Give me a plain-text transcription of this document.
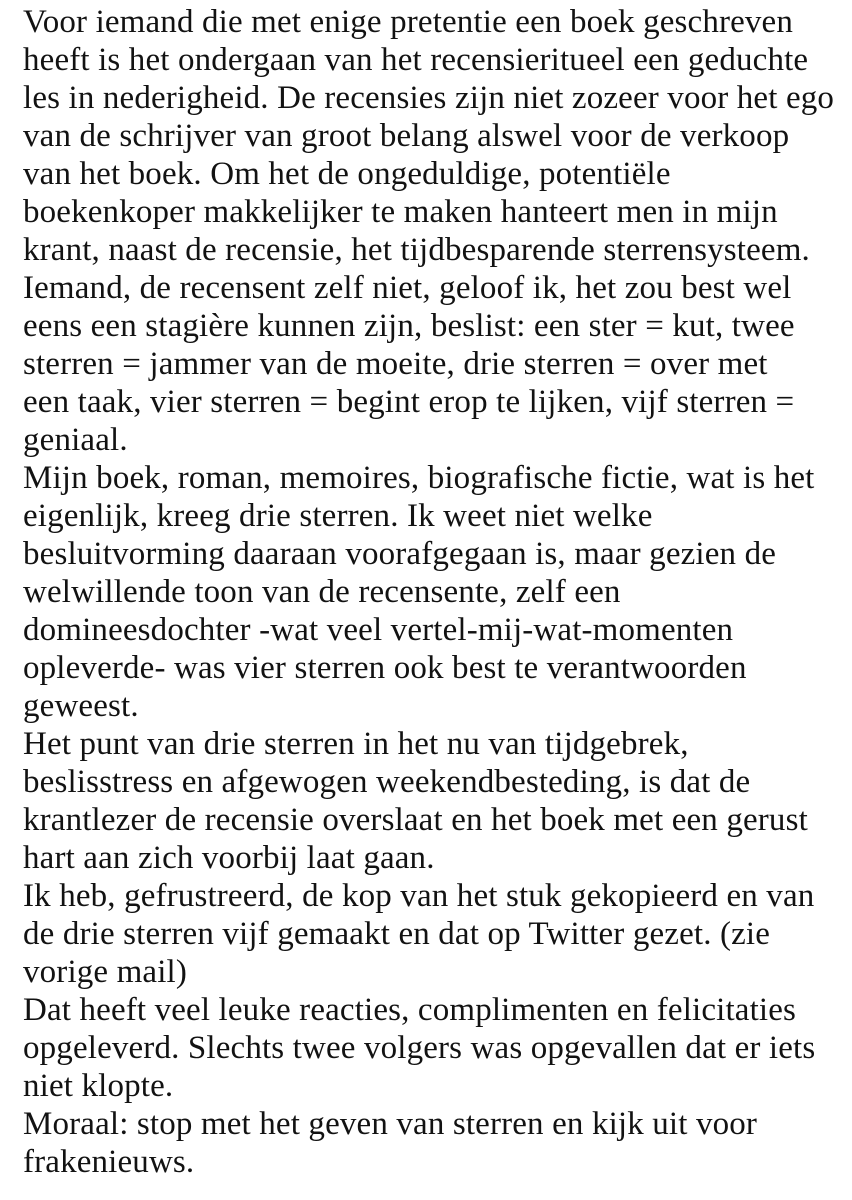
Voor iemand die met enige pretentie een boek geschreven
heeft is het ondergaan van het recensieritueel een geduchte
les in nederigheid. De recensies zijn niet zozeer voor het ego
van de schrijver van groot belang alswel voor de verkoop
van het boek. Om het de ongeduldige, potentiële
boekenkoper makkelijker te maken hanteert men in mijn
krant, naast de recensie, het tijdbesparende sterrensysteem.
Iemand, de recensent zelf niet, geloof ik, het zou best wel
eens een stagière kunnen zijn, beslist: een ster = kut, twee
sterren = jammer van de moeite, drie sterren = over met
een taak, vier sterren = begint erop te lijken, vijf sterren =
geniaal.
Mijn boek, roman, memoires, biografische fictie, wat is het
eigenlijk, kreeg drie sterren. Ik weet niet welke
besluitvorming daaraan voorafgegaan is, maar gezien de
welwillende toon van de recensente, zelf een
domineesdochter -wat veel vertel-mij-wat-momenten
opleverde- was vier sterren ook best te verantwoorden
geweest.
Het punt van drie sterren in het nu van tijdgebrek,
beslisstress en afgewogen weekendbesteding, is dat de
krantlezer de recensie overslaat en het boek met een gerust
hart aan zich voorbij laat gaan.
Ik heb, gefrustreerd, de kop van het stuk gekopieerd en van
de drie sterren vijf gemaakt en dat op Twitter gezet. (zie
vorige mail)
Dat heeft veel leuke reacties, complimenten en felicitaties
opgeleverd. Slechts twee volgers was opgevallen dat er iets
niet klopte.
Moraal: stop met het geven van sterren en kijk uit voor
frakenieuws.
